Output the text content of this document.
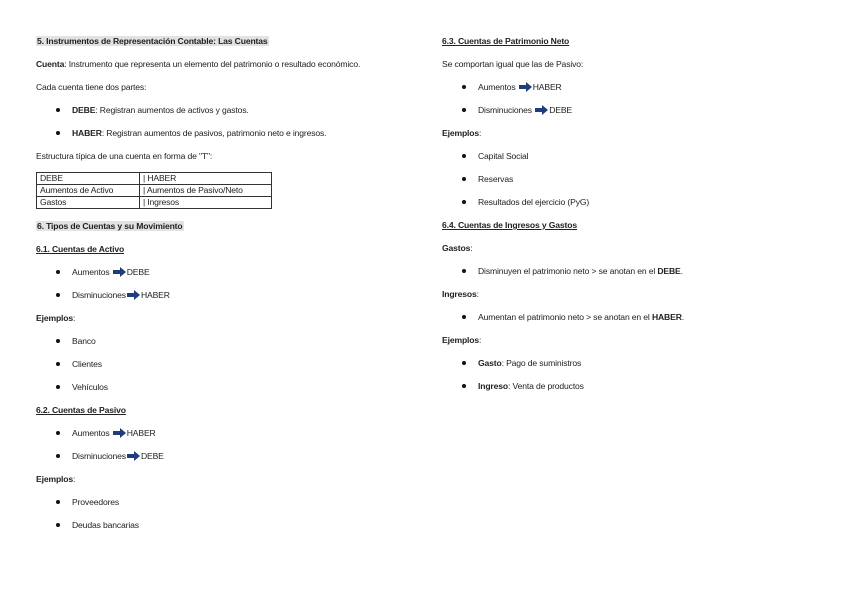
5. Instrumentos de Representación Contable: Las Cuentas
Cuenta: Instrumento que representa un elemento del patrimonio o resultado económico.
Cada cuenta tiene dos partes:
DEBE: Registran aumentos de activos y gastos.
HABER: Registran aumentos de pasivos, patrimonio neto e ingresos.
Estructura típica de una cuenta en forma de "T":
DEBE	| HABER
Aumentos de Activo	| Aumentos de Pasivo/Neto
Gastos	| Ingresos
6. Tipos de Cuentas y su Movimiento
6.1. Cuentas de Activo
Aumentos DEBE
Disminuciones HABER
Ejemplos:
Banco
Clientes
Vehículos
6.2. Cuentas de Pasivo
Aumentos HABER
Disminuciones DEBE
Ejemplos:
Proveedores
Deudas bancarias
6.3. Cuentas de Patrimonio Neto
Se comportan igual que las de Pasivo:
Aumentos HABER
Disminuciones DEBE
Ejemplos:
Capital Social
Reservas
Resultados del ejercicio (PyG)
6.4. Cuentas de Ingresos y Gastos
Gastos:
Disminuyen el patrimonio neto > se anotan en el DEBE.
Ingresos:
Aumentan el patrimonio neto > se anotan en el HABER.
Ejemplos:
Gasto: Pago de suministros
Ingreso: Venta de productos
